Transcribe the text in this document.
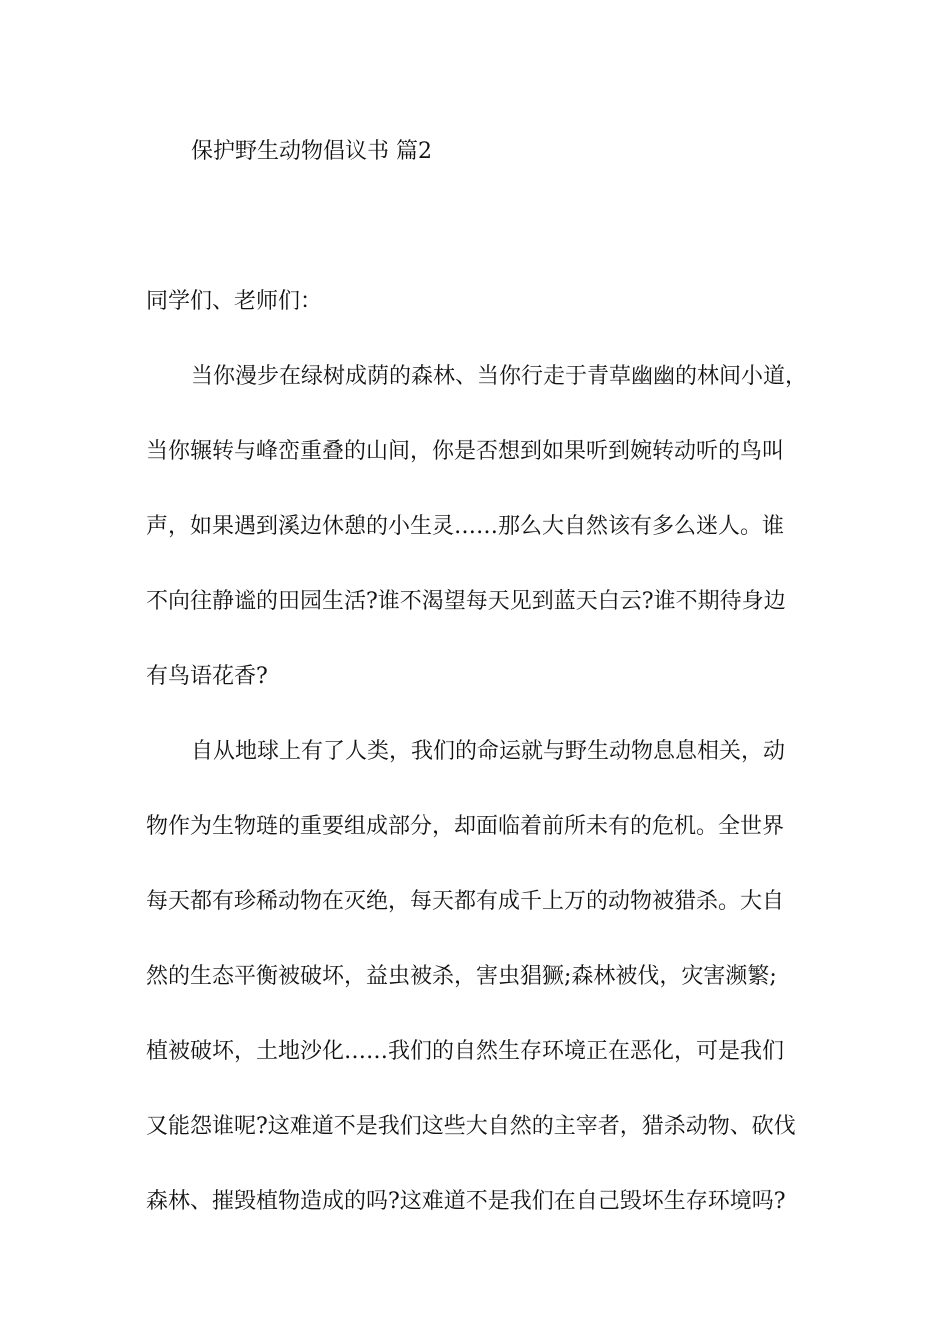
保护野生动物倡议书 篇2
同学们、老师们：
当你漫步在绿树成荫的森林、当你行走于青草幽幽的林间小道，
当你辗转与峰峦重叠的山间，你是否想到如果听到婉转动听的鸟叫
声，如果遇到溪边休憩的小生灵……那么大自然该有多么迷人。谁
不向往静谧的田园生活?谁不渴望每天见到蓝天白云?谁不期待身边
有鸟语花香?
自从地球上有了人类，我们的命运就与野生动物息息相关，动
物作为生物琏的重要组成部分，却面临着前所未有的危机。全世界
每天都有珍稀动物在灭绝，每天都有成千上万的动物被猎杀。大自
然的生态平衡被破坏，益虫被杀，害虫猖獗;森林被伐，灾害濒繁;
植被破坏，土地沙化……我们的自然生存环境正在恶化，可是我们
又能怨谁呢?这难道不是我们这些大自然的主宰者，猎杀动物、砍伐
森林、摧毁植物造成的吗?这难道不是我们在自己毁坏生存环境吗?
